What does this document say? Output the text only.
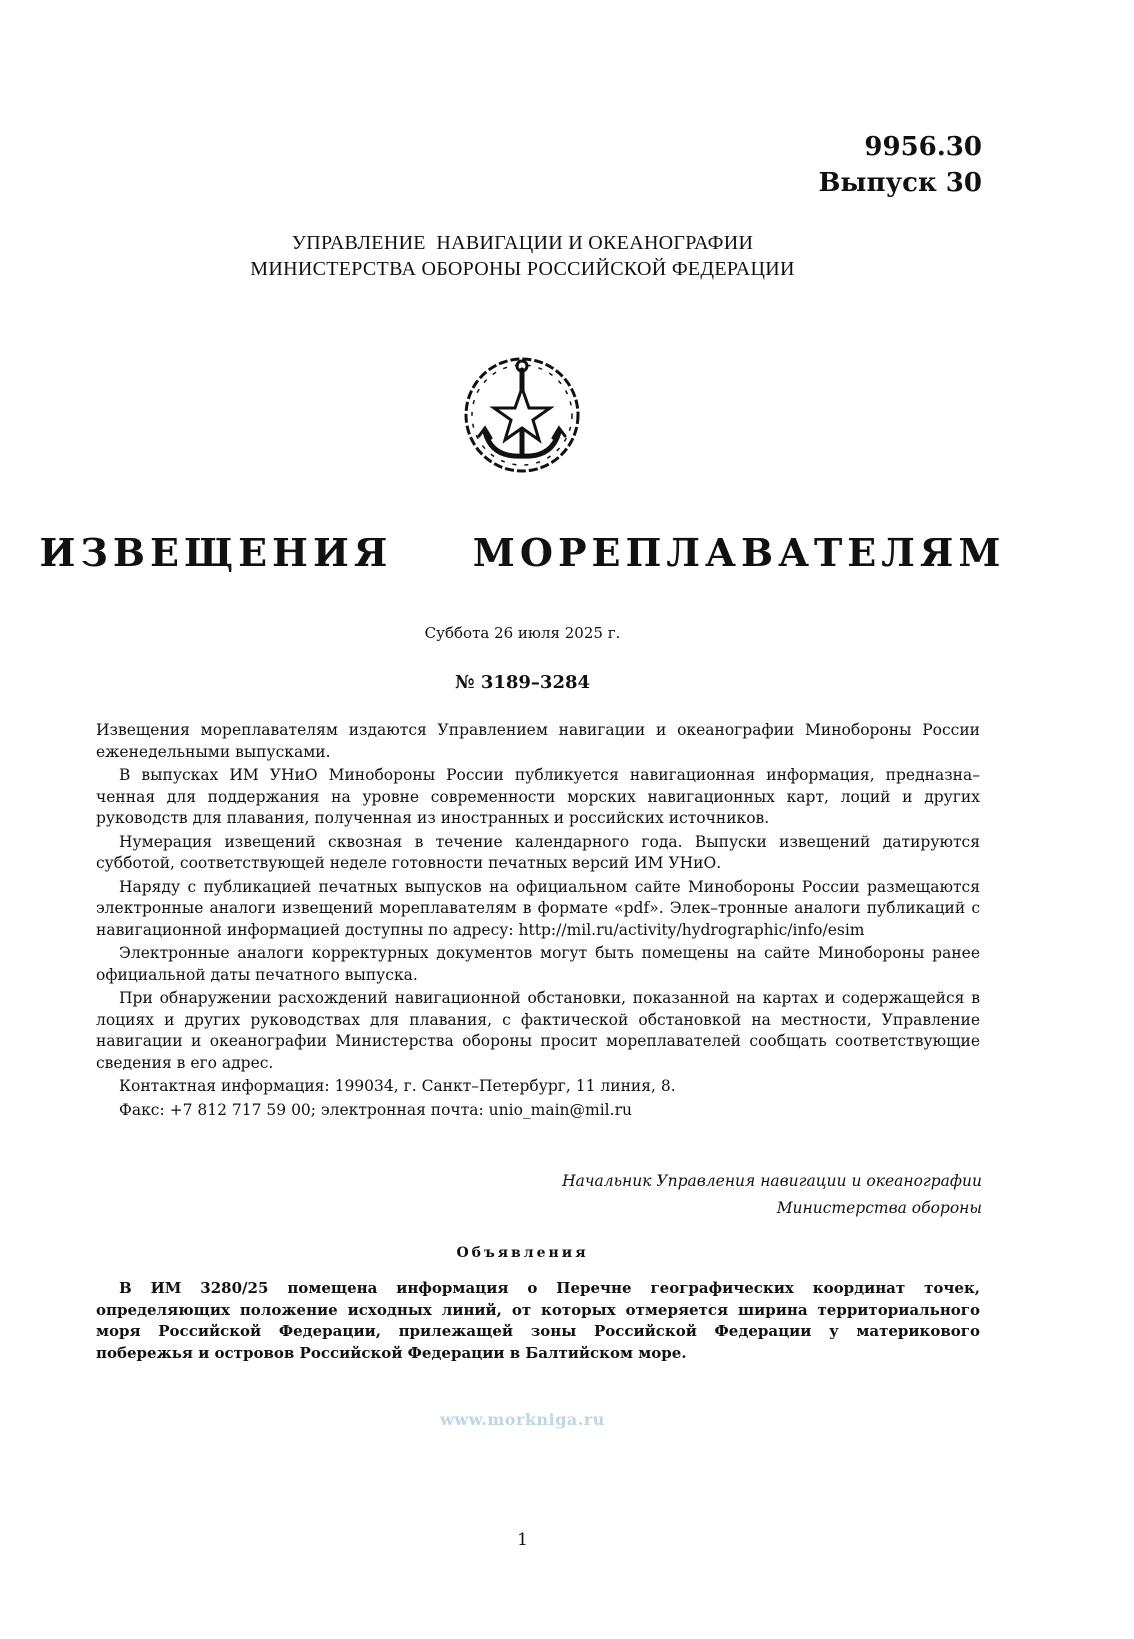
9956.30
Выпуск 30
УПРАВЛЕНИЕ  НАВИГАЦИИ И ОКЕАНОГРАФИИ
МИНИСТЕРСТВА ОБОРОНЫ РОССИЙСКОЙ ФЕДЕРАЦИИ
ИЗВЕЩЕНИЯ  МОРЕПЛАВАТЕЛЯМ
Суббота 26 июля 2025 г.
№ 3189–3284

Извещения мореплавателям издаются Управлением навигации и океанографии Минобороны России еженедельными выпусками.

В выпусках ИМ УНиО Минобороны России публикуется навигационная информация, предназна–ченная для поддержания на уровне современности морских навигационных карт, лоций и других руководств для плавания, полученная из иностранных и российских источников.

Нумерация извещений сквозная в течение календарного года. Выпуски извещений датируются субботой, соответствующей неделе готовности печатных версий ИМ УНиО.

Наряду с публикацией печатных выпусков на официальном сайте Минобороны России размещаются электронные аналоги извещений мореплавателям в формате «pdf». Элек–тронные аналоги публикаций с навигационной информацией доступны по адресу: http://mil.ru/activity/hydrographic/info/esim

Электронные аналоги корректурных документов могут быть помещены на сайте Минобороны ранее официальной даты печатного выпуска.

При обнаружении расхождений навигационной обстановки, показанной на картах и содержащейся в лоциях и других руководствах для плавания, с фактической обстановкой на местности, Управление навигации и океанографии Министерства обороны просит мореплавателей сообщать соответствующие сведения в его адрес.

Контактная информация: 199034, г. Санкт–Петербург, 11 линия, 8.

Факс: +7 812 717 59 00; электронная почта: unio_main@mil.ru

Начальник Управления навигации и океанографии
Министерства обороны
Объявления
В ИМ 3280/25 помещена информация о Перечне географических координат точек, определяющих положение исходных линий, от которых отмеряется ширина территориального моря Российской Федерации, прилежащей зоны Российской Федерации у материкового побережья и островов Российской Федерации в Балтийском море.
www.morkniga.ru
1
